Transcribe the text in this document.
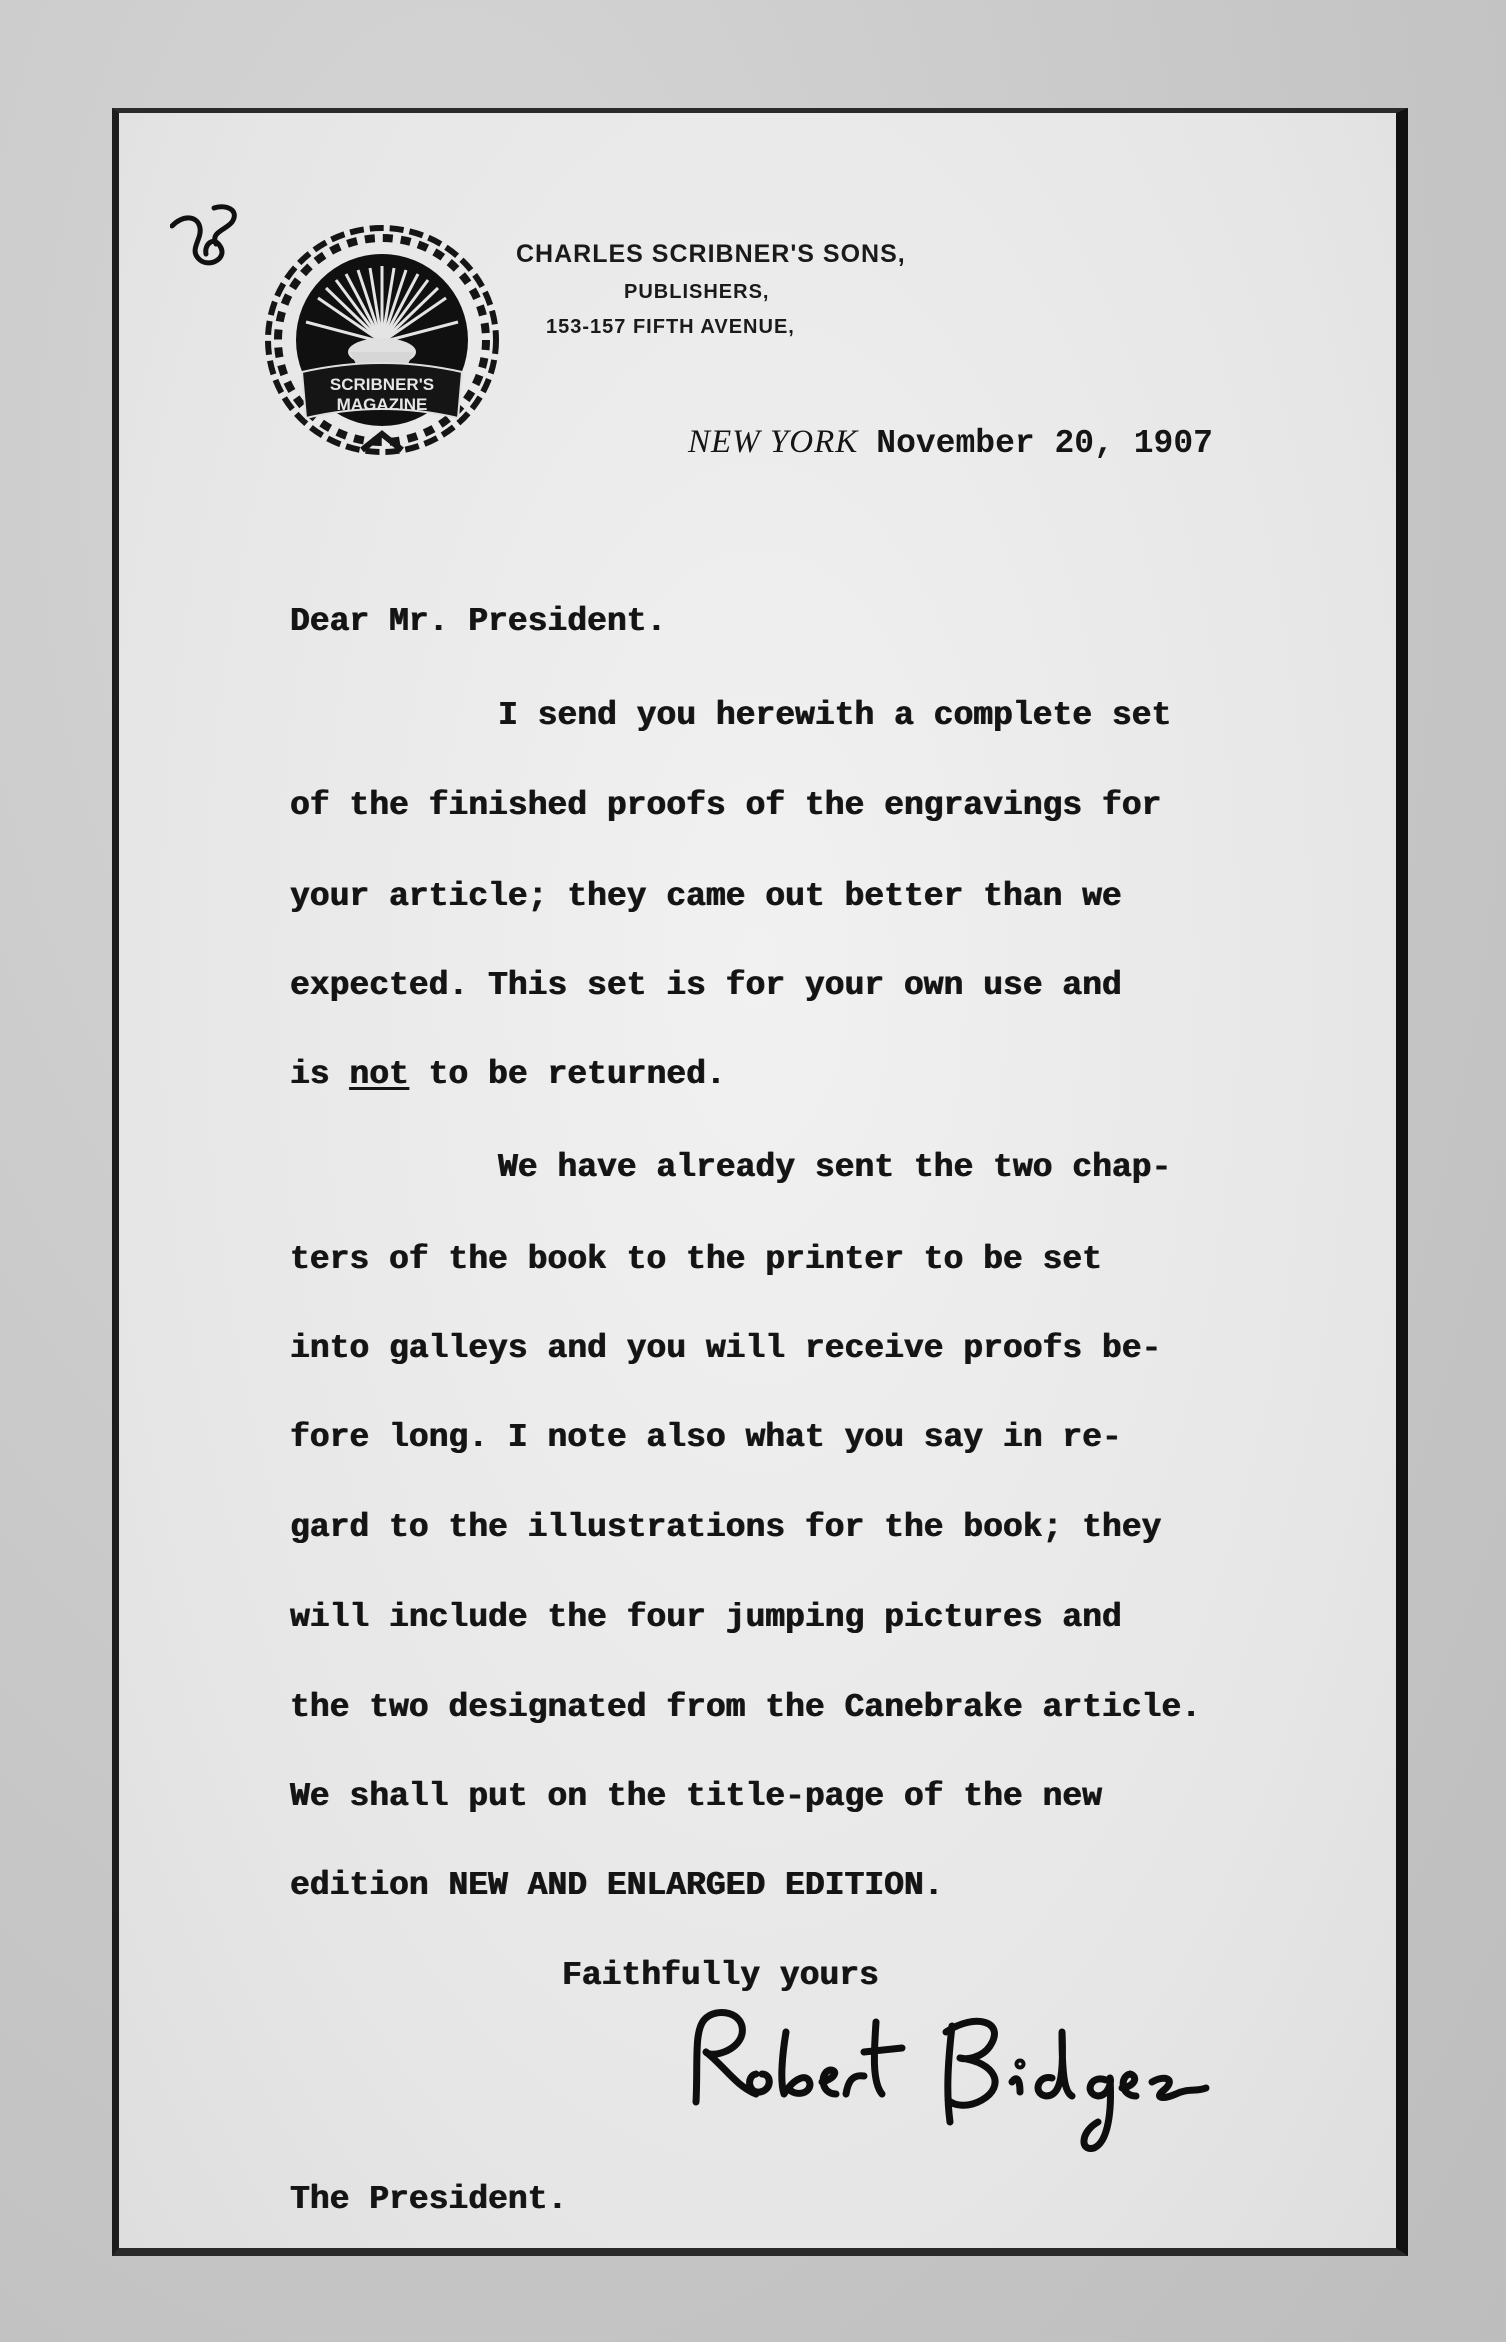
SCRIBNER'S
MAGAZINE
CHARLES SCRIBNER'S SONS,
PUBLISHERS,
153-157 FIFTH AVENUE,
NEW YORK November 20, 1907
Dear Mr. President.
I send you herewith a complete set
of the finished proofs of the engravings for
your article; they came out better than we
expected. This set is for your own use and
is not to be returned.
We have already sent the two chap-
ters of the book to the printer to be set
into galleys and you will receive proofs be-
fore long. I note also what you say in re-
gard to the illustrations for the book; they
will include the four jumping pictures and
the two designated from the Canebrake article.
We shall put on the title-page of the new
edition NEW AND ENLARGED EDITION.
Faithfully yours
The President.
